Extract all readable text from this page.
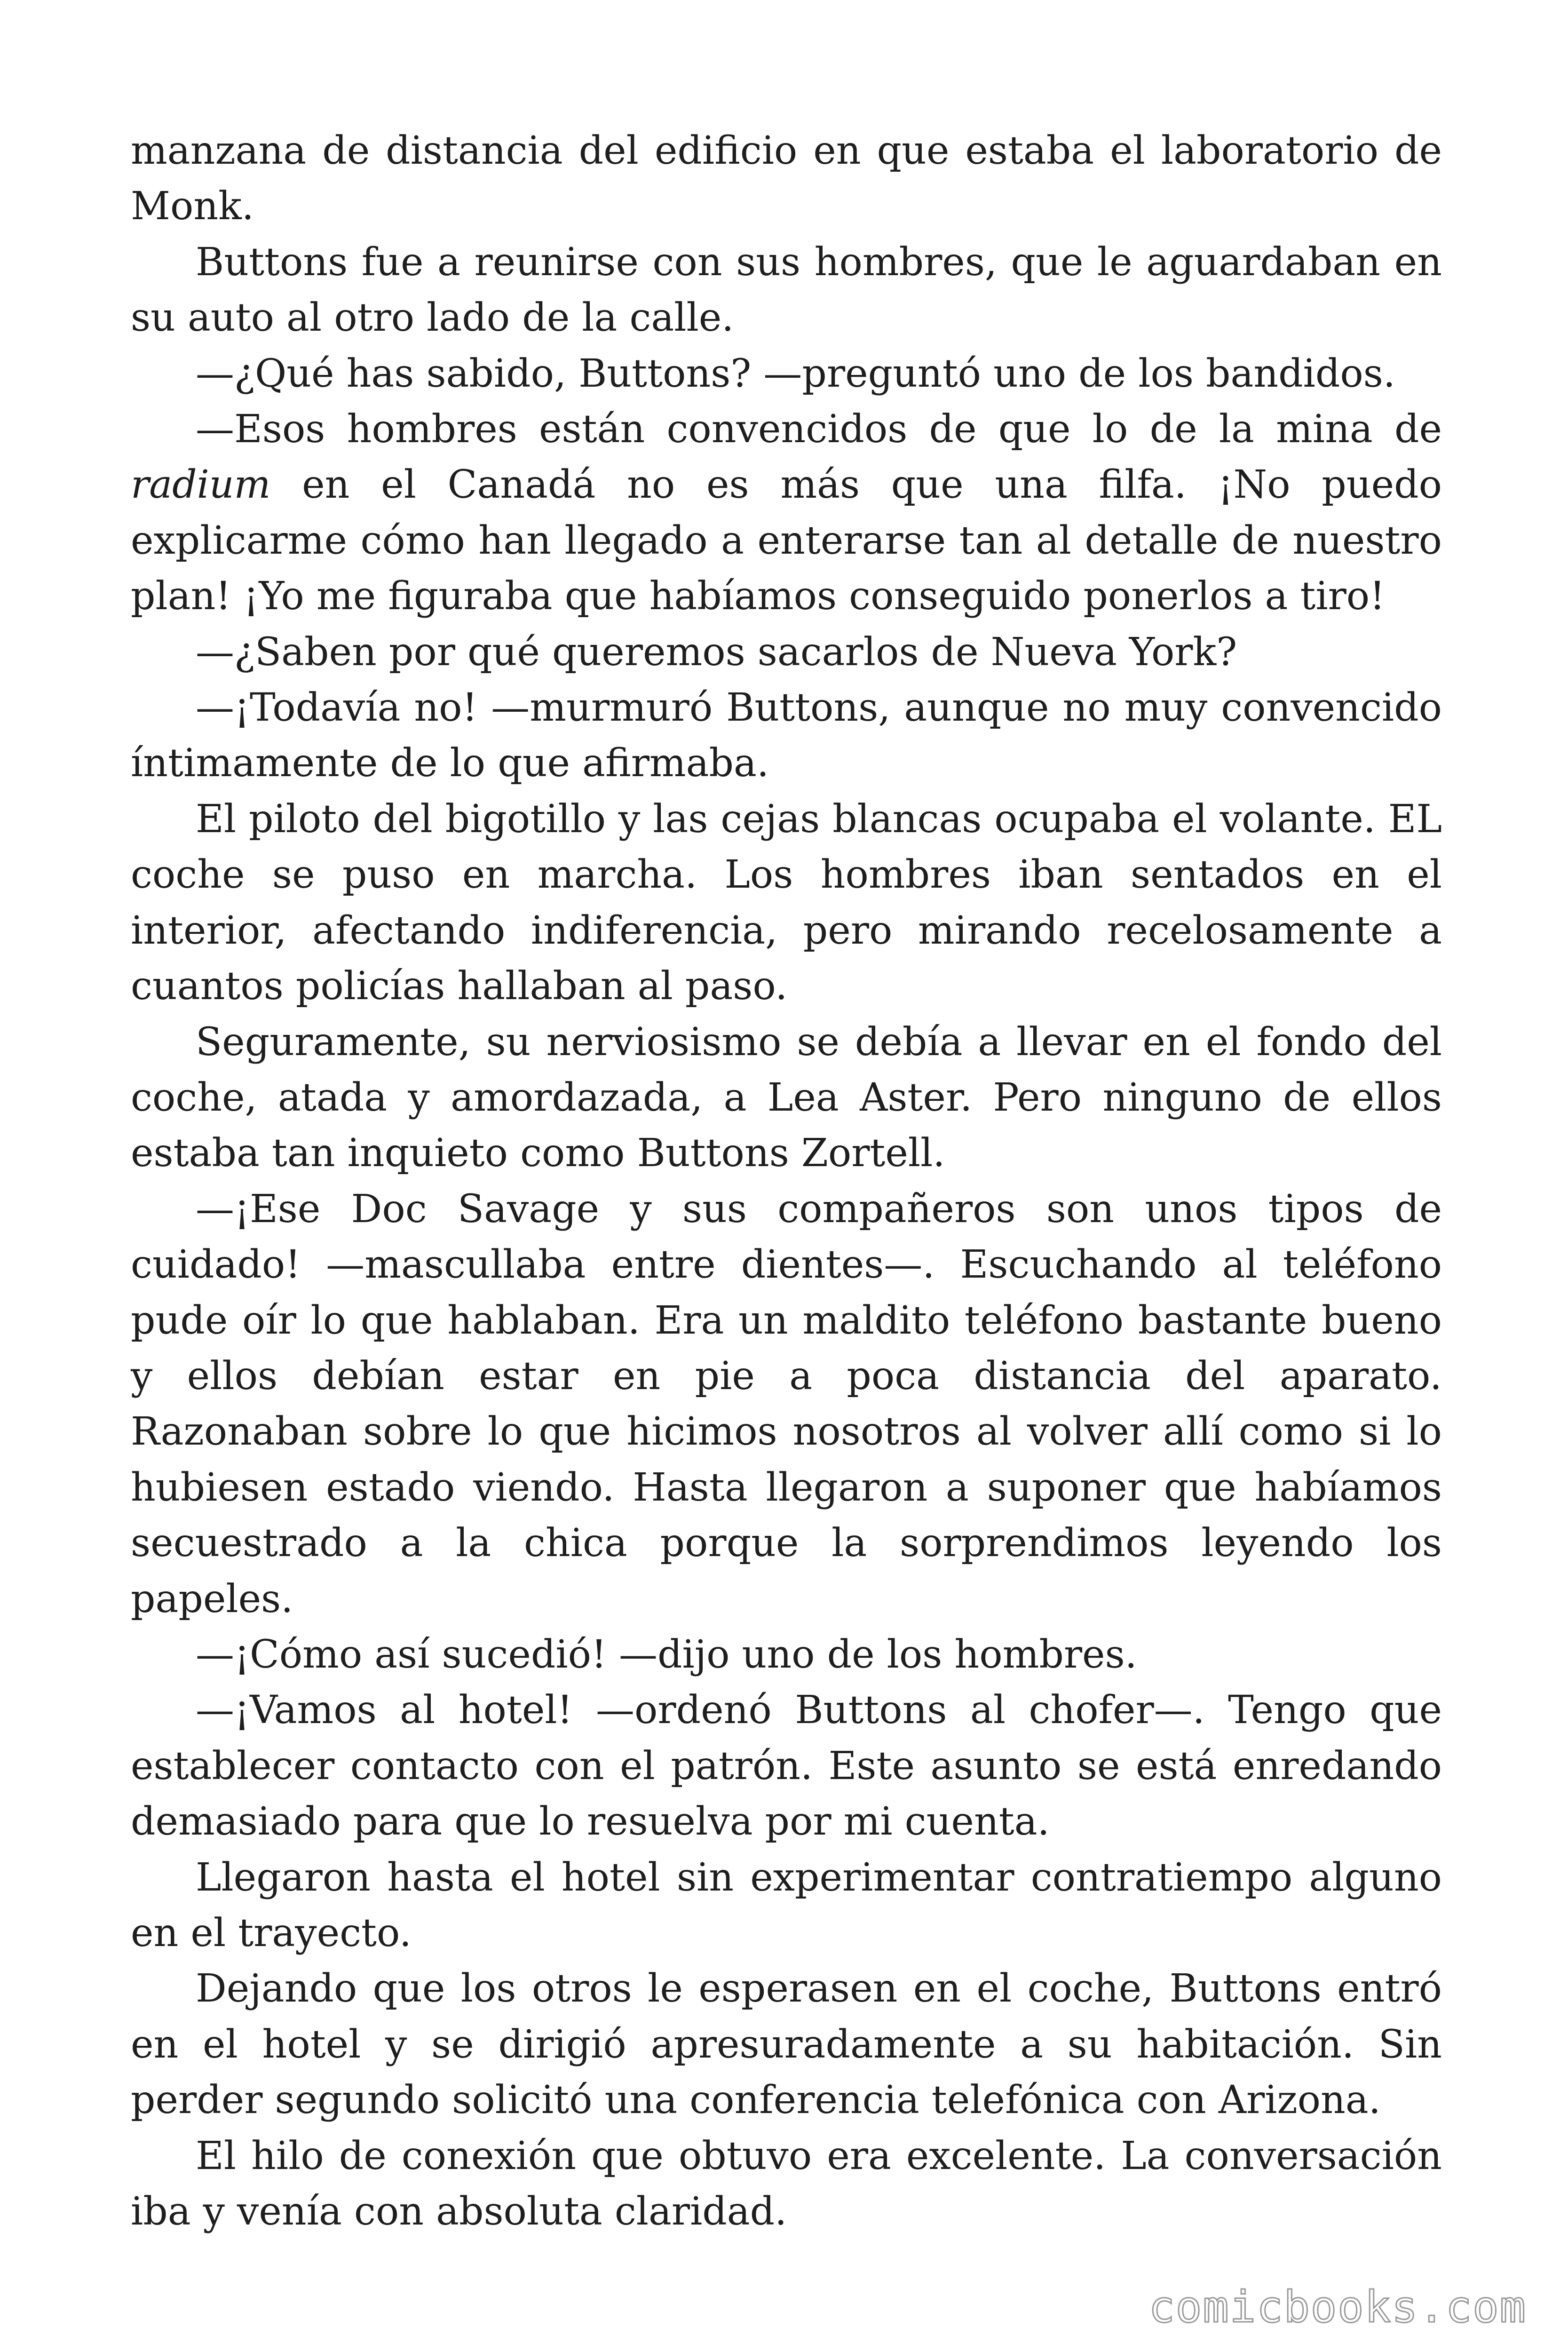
manzana de distancia del edificio en que estaba el laboratorio de Monk.

Buttons fue a reunirse con sus hombres, que le aguardaban en su auto al otro lado de la calle.

—¿Qué has sabido, Buttons? —preguntó uno de los bandidos.

—Esos hombres están convencidos de que lo de la mina de radium en el Canadá no es más que una filfa. ¡No puedo explicarme cómo han llegado a enterarse tan al detalle de nuestro plan! ¡Yo me figuraba que habíamos conseguido ponerlos a tiro!

—¿Saben por qué queremos sacarlos de Nueva York?

—¡Todavía no! —murmuró Buttons, aunque no muy convencido íntimamente de lo que afirmaba.

El piloto del bigotillo y las cejas blancas ocupaba el volante. EL coche se puso en marcha. Los hombres iban sentados en el interior, afectando indiferencia, pero mirando recelosamente a cuantos policías hallaban al paso.

Seguramente, su nerviosismo se debía a llevar en el fondo del coche, atada y amordazada, a Lea Aster. Pero ninguno de ellos estaba tan inquieto como Buttons Zortell.

—¡Ese Doc Savage y sus compañeros son unos tipos de cuidado! —mascullaba entre dientes—. Escuchando al teléfono pude oír lo que hablaban. Era un maldito teléfono bastante bueno y ellos debían estar en pie a poca distancia del aparato. Razonaban sobre lo que hicimos nosotros al volver allí como si lo hubiesen estado viendo. Hasta llegaron a suponer que habíamos secuestrado a la chica porque la sorprendimos leyendo los papeles.

—¡Cómo así sucedió! —dijo uno de los hombres.

—¡Vamos al hotel! —ordenó Buttons al chofer—. Tengo que establecer contacto con el patrón. Este asunto se está enredando demasiado para que lo resuelva por mi cuenta.

Llegaron hasta el hotel sin experimentar contratiempo alguno en el trayecto.

Dejando que los otros le esperasen en el coche, Buttons entró en el hotel y se dirigió apresuradamente a su habitación. Sin perder segundo solicitó una conferencia telefónica con Arizona.

El hilo de conexión que obtuvo era excelente. La conversación iba y venía con absoluta claridad.

comicbooks.com
